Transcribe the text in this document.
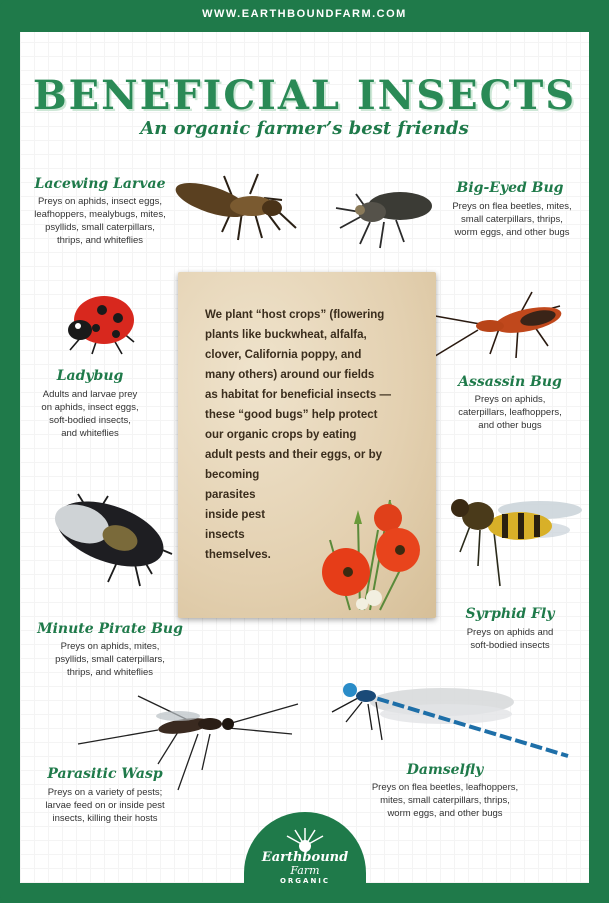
WWW.EARTHBOUNDFARM.COM
BENEFICIAL INSECTS
An organic farmer’s best friends
Lacewing Larvae
Preys on aphids, insect eggs,
leafhoppers, mealybugs, mites,
psyllids, small caterpillars,
thrips, and whiteflies
Big-Eyed Bug
Preys on flea beetles, mites,
small caterpillars, thrips,
worm eggs, and other bugs
Ladybug
Adults and larvae prey
on aphids, insect eggs,
soft-bodied insects,
and whiteflies
Assassin Bug
Preys on aphids,
caterpillars, leafhoppers,
and other bugs
We plant “host crops” (flowering
plants like buckwheat, alfalfa,
clover, California poppy, and
many others) around our fields
as habitat for beneficial insects —
these “good bugs” help protect
our organic crops by eating
adult pests and their eggs, or by
becoming
parasites
inside pest
insects
themselves.
Minute Pirate Bug
Preys on aphids, mites,
psyllids, small caterpillars,
thrips, and whiteflies
Syrphid Fly
Preys on aphids and
soft-bodied insects
Parasitic Wasp
Preys on a variety of pests;
larvae feed on or inside pest
insects, killing their hosts
Damselfly
Preys on flea beetles, leafhoppers,
mites, small caterpillars, thrips,
worm eggs, and other bugs
Earthbound
Farm
ORGANIC
